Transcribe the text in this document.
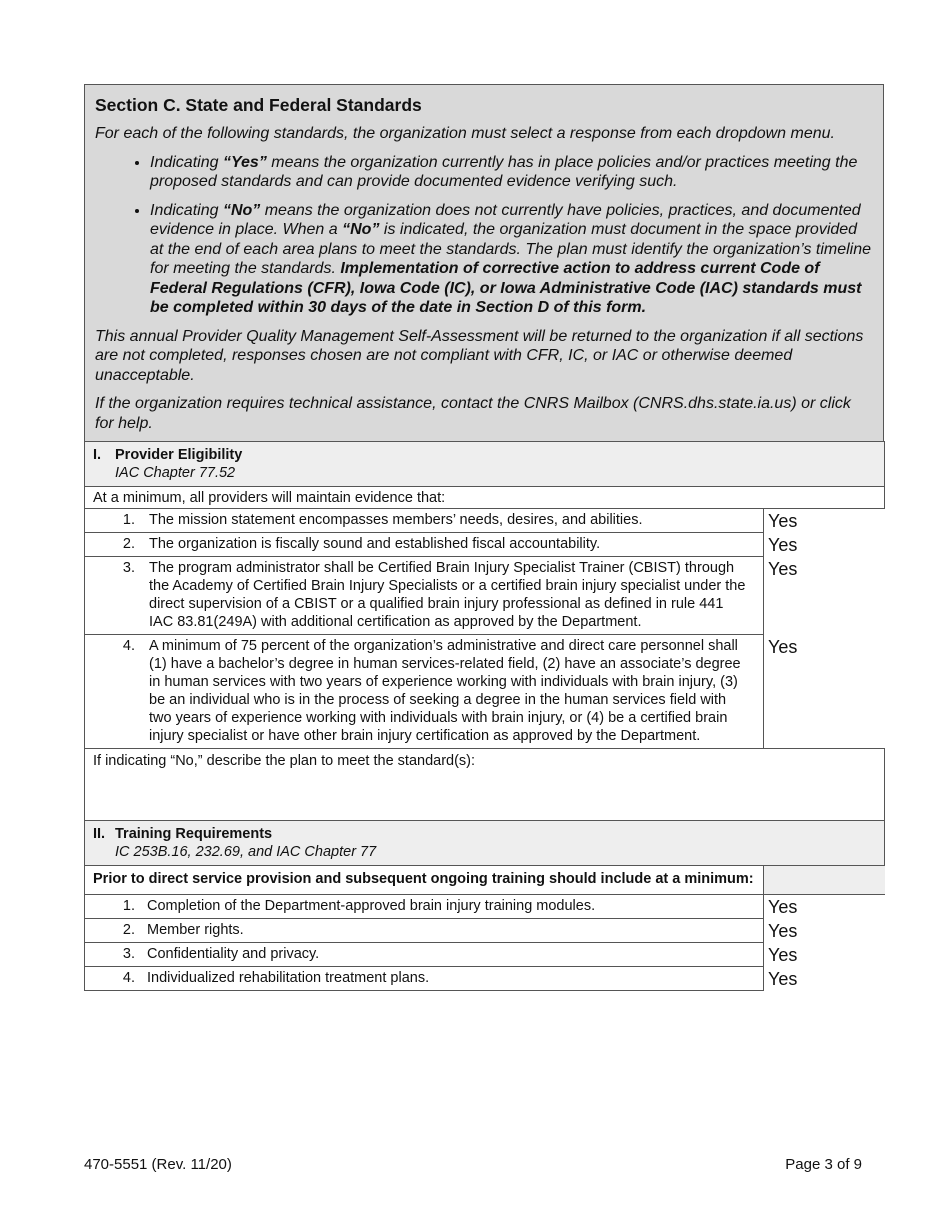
Section C. State and Federal Standards

For each of the following standards, the organization must select a response from each dropdown menu.

• Indicating “Yes” means the organization currently has in place policies and/or practices meeting the proposed standards and can provide documented evidence verifying such.
• Indicating “No” means the organization does not currently have policies, practices, and documented evidence in place. When a “No” is indicated, the organization must document in the space provided at the end of each area plans to meet the standards. The plan must identify the organization’s timeline for meeting the standards. Implementation of corrective action to address current Code of Federal Regulations (CFR), Iowa Code (IC), or Iowa Administrative Code (IAC) standards must be completed within 30 days of the date in Section D of this form.

This annual Provider Quality Management Self-Assessment will be returned to the organization if all sections are not completed, responses chosen are not compliant with CFR, IC, or IAC or otherwise deemed unacceptable.

If the organization requires technical assistance, contact the CNRS Mailbox (CNRS.dhs.state.ia.us) or click for help.

I. Provider Eligibility
IAC Chapter 77.52	

At a minimum, all providers will maintain evidence that:	
1. The mission statement encompasses members’ needs, desires, and abilities.	Yes
2. The organization is fiscally sound and established fiscal accountability.	Yes
3. The program administrator shall be Certified Brain Injury Specialist Trainer (CBIST) through the Academy of Certified Brain Injury Specialists or a certified brain injury specialist under the direct supervision of a CBIST or a qualified brain injury professional as defined in rule 441 IAC 83.81(249A) with additional certification as approved by the Department.	Yes
4. A minimum of 75 percent of the organization’s administrative and direct care personnel shall (1) have a bachelor’s degree in human services-related field, (2) have an associate’s degree in human services with two years of experience working with individuals with brain injury, (3) be an individual who is in the process of seeking a degree in the human services field with two years of experience working with individuals with brain injury, or (4) be a certified brain injury specialist or have other brain injury certification as approved by the Department.	Yes
If indicating “No,” describe the plan to meet the standard(s):	

II. Training Requirements
IC 253B.16, 232.69, and IAC Chapter 77	

Prior to direct service provision and subsequent ongoing training should include at a minimum:	
1. Completion of the Department-approved brain injury training modules.	Yes
2. Member rights.	Yes
3. Confidentiality and privacy.	Yes
4. Individualized rehabilitation treatment plans.	Yes
470-5551 (Rev. 11/20)	Page 3 of 9
